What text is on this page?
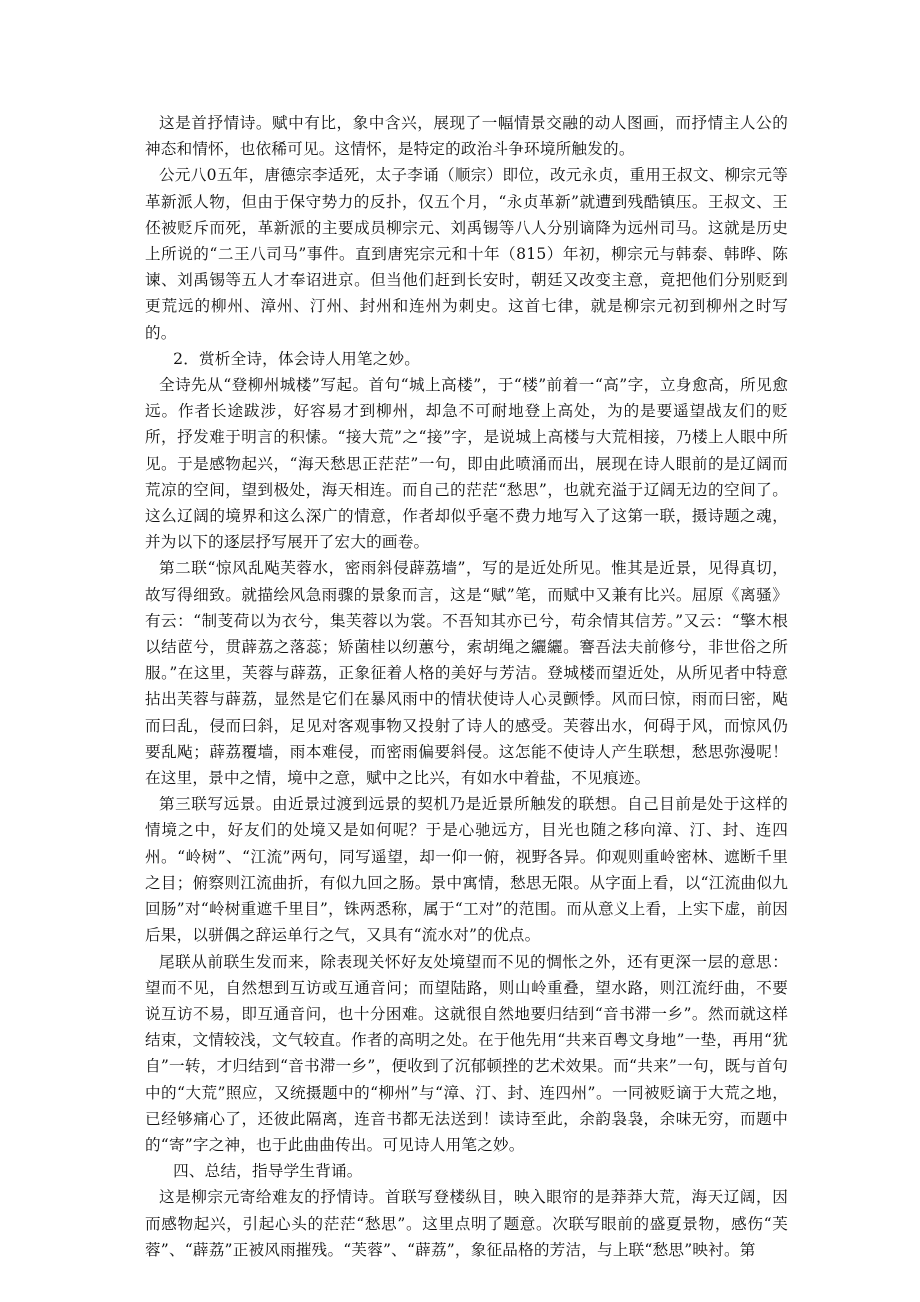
这是首抒情诗。赋中有比，象中含兴，展现了一幅情景交融的动人图画，而抒情主人公的神态和情怀，也依稀可见。这情怀，是特定的政治斗争环境所触发的。

公元八0五年，唐德宗李适死，太子李诵（顺宗）即位，改元永贞，重用王叔文、柳宗元等革新派人物，但由于保守势力的反扑，仅五个月，“永贞革新”就遭到残酷镇压。王叔文、王伾被贬斥而死，革新派的主要成员柳宗元、刘禹锡等八人分别谪降为远州司马。这就是历史上所说的“二王八司马”事件。直到唐宪宗元和十年（815）年初，柳宗元与韩泰、韩晔、陈谏、刘禹锡等五人才奉诏进京。但当他们赶到长安时，朝廷又改变主意，竟把他们分别贬到更荒远的柳州、漳州、汀州、封州和连州为刺史。这首七律，就是柳宗元初到柳州之时写的。

2．赏析全诗，体会诗人用笔之妙。

全诗先从“登柳州城楼”写起。首句“城上高楼”，于“楼”前着一“高”字，立身愈高，所见愈远。作者长途跋涉，好容易才到柳州，却急不可耐地登上高处，为的是要遥望战友们的贬所，抒发难于明言的积愫。“接大荒”之“接”字，是说城上高楼与大荒相接，乃楼上人眼中所见。于是感物起兴，“海天愁思正茫茫”一句，即由此喷涌而出，展现在诗人眼前的是辽阔而荒凉的空间，望到极处，海天相连。而自己的茫茫“愁思”，也就充溢于辽阔无边的空间了。这么辽阔的境界和这么深广的情意，作者却似乎毫不费力地写入了这第一联，摄诗题之魂，并为以下的逐层抒写展开了宏大的画卷。

第二联“惊风乱飐芙蓉水，密雨斜侵薜荔墙”，写的是近处所见。惟其是近景，见得真切，故写得细致。就描绘风急雨骤的景象而言，这是“赋”笔，而赋中又兼有比兴。屈原《离骚》有云：“制芰荷以为衣兮，集芙蓉以为裳。不吾知其亦已兮，苟余情其信芳。”又云：“擎木根以结茝兮，贯薜荔之落蕊；矫菌桂以纫蕙兮，索胡绳之纚纚。謇吾法夫前修兮，非世俗之所服。”在这里，芙蓉与薜荔，正象征着人格的美好与芳洁。登城楼而望近处，从所见者中特意拈出芙蓉与薜荔，显然是它们在暴风雨中的情状使诗人心灵颤悸。风而曰惊，雨而曰密，飐而曰乱，侵而曰斜，足见对客观事物又投射了诗人的感受。芙蓉出水，何碍于风，而惊风仍要乱飐；薜荔覆墙，雨本难侵，而密雨偏要斜侵。这怎能不使诗人产生联想，愁思弥漫呢！在这里，景中之情，境中之意，赋中之比兴，有如水中着盐，不见痕迹。

第三联写远景。由近景过渡到远景的契机乃是近景所触发的联想。自己目前是处于这样的情境之中，好友们的处境又是如何呢？于是心驰远方，目光也随之移向漳、汀、封、连四州。“岭树”、“江流”两句，同写遥望，却一仰一俯，视野各异。仰观则重岭密林、遮断千里之目；俯察则江流曲折，有似九回之肠。景中寓情，愁思无限。从字面上看，以“江流曲似九回肠”对“岭树重遮千里目”，铢两悉称，属于“工对”的范围。而从意义上看，上实下虚，前因后果，以骈偶之辞运单行之气，又具有“流水对”的优点。

尾联从前联生发而来，除表现关怀好友处境望而不见的惆怅之外，还有更深一层的意思：望而不见，自然想到互访或互通音问；而望陆路，则山岭重叠，望水路，则江流纡曲，不要说互访不易，即互通音问，也十分困难。这就很自然地要归结到“音书滞一乡”。然而就这样结束，文情较浅，文气较直。作者的高明之处。在于他先用“共来百粤文身地”一垫，再用“犹自”一转，才归结到“音书滞一乡”，便收到了沉郁顿挫的艺术效果。而“共来”一句，既与首句中的“大荒”照应，又统摄题中的“柳州”与“漳、汀、封、连四州”。一同被贬谪于大荒之地，已经够痛心了，还彼此隔离，连音书都无法送到！读诗至此，余韵袅袅，余味无穷，而题中的“寄”字之神，也于此曲曲传出。可见诗人用笔之妙。

四、总结，指导学生背诵。

这是柳宗元寄给难友的抒情诗。首联写登楼纵目，映入眼帘的是莽莽大荒，海天辽阔，因而感物起兴，引起心头的茫茫“愁思”。这里点明了题意。次联写眼前的盛夏景物，感伤“芙蓉”、“薜荔”正被风雨摧残。“芙蓉”、“薜荔”，象征品格的芳洁，与上联“愁思”映衬。第
